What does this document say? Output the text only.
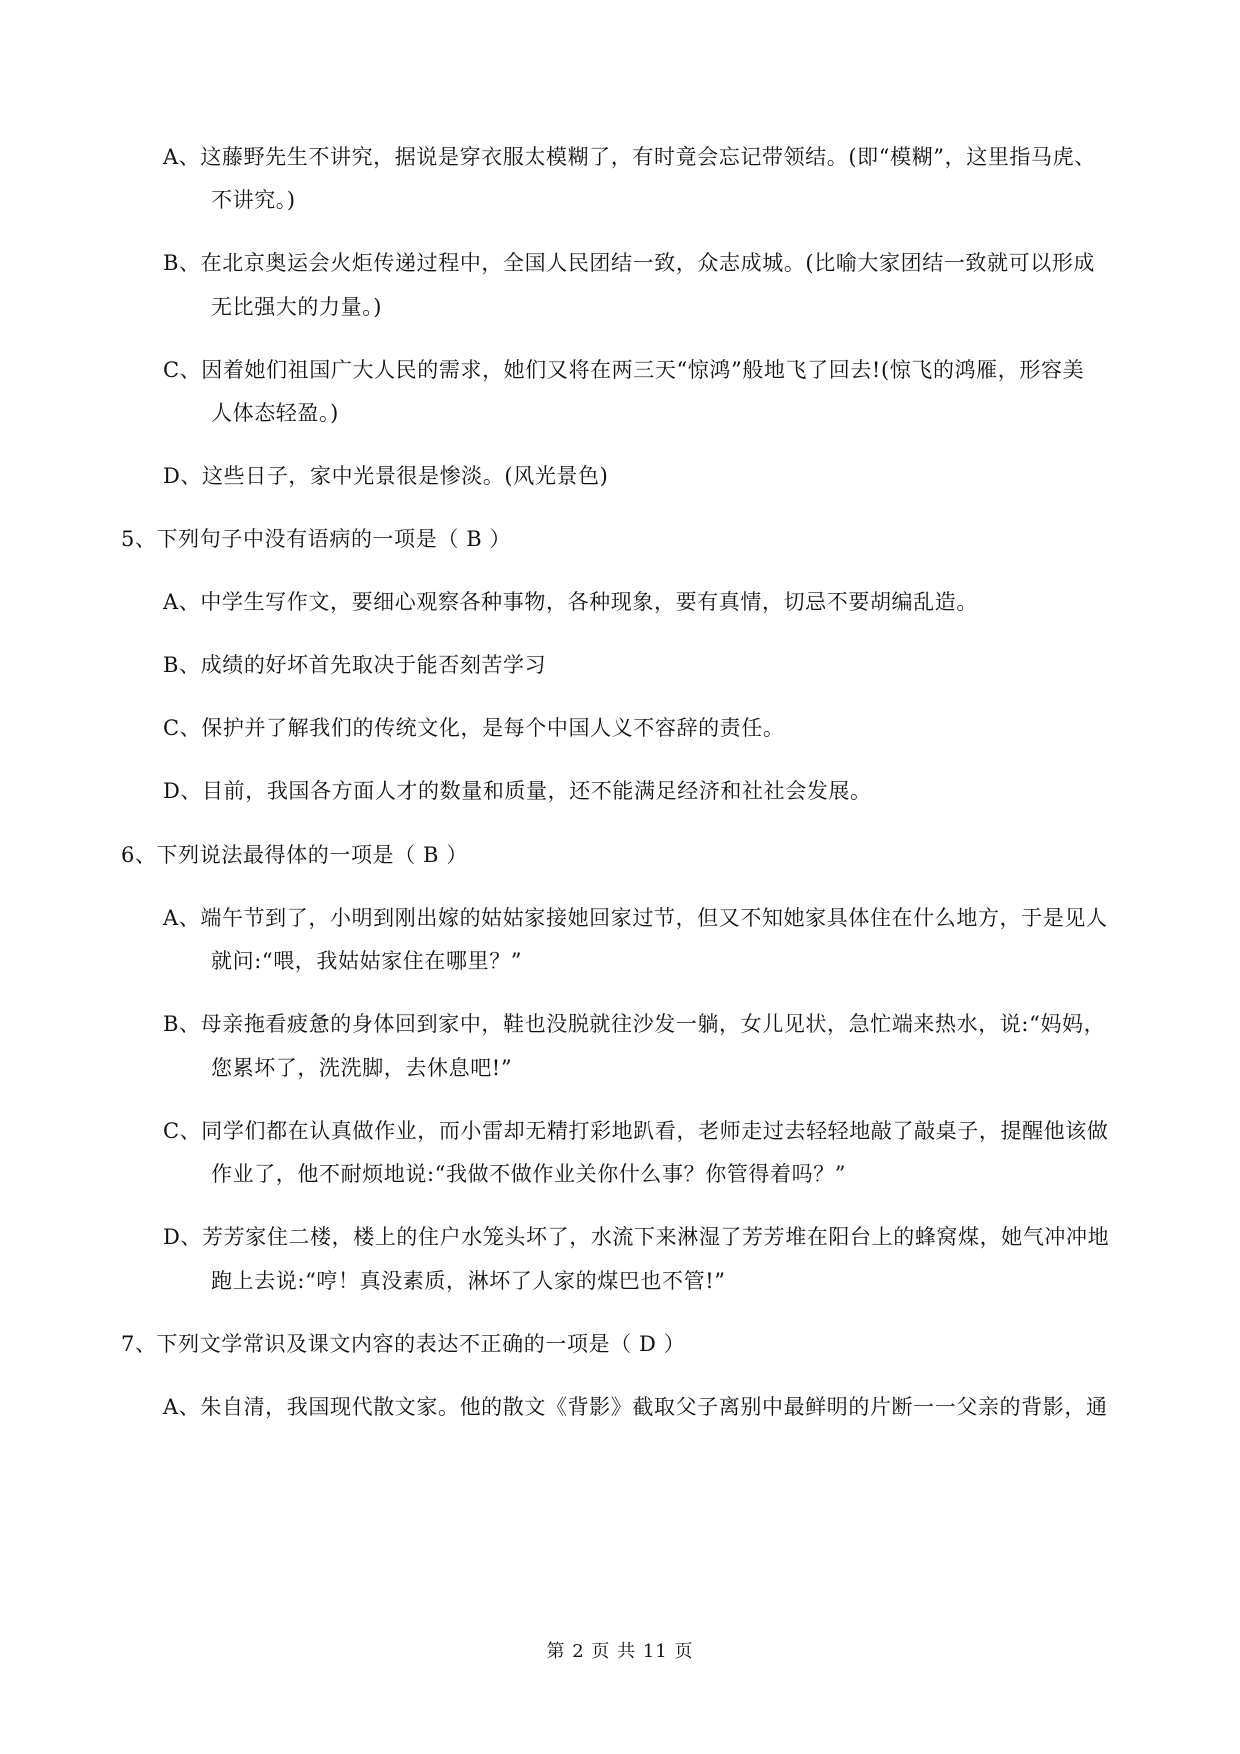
A、这藤野先生不讲究，据说是穿衣服太模糊了，有时竟会忘记带领结。(即“模糊”，这里指马虎、
不讲究。)
B、在北京奥运会火炬传递过程中，全国人民团结一致，众志成城。(比喻大家团结一致就可以形成
无比强大的力量。)
C、因着她们祖国广大人民的需求，她们又将在两三天“惊鸿”般地飞了回去!(惊飞的鸿雁，形容美
人体态轻盈。)
D、这些日子，家中光景很是惨淡。(风光景色)
5、下列句子中没有语病的一项是（ B ）
A、中学生写作文，要细心观察各种事物，各种现象，要有真情，切忌不要胡编乱造。
B、成绩的好坏首先取决于能否刻苦学习
C、保护并了解我们的传统文化，是每个中国人义不容辞的责任。
D、目前，我国各方面人才的数量和质量，还不能满足经济和社社会发展。
6、下列说法最得体的一项是（ B ）
A、端午节到了，小明到刚出嫁的姑姑家接她回家过节，但又不知她家具体住在什么地方，于是见人
就问:“喂，我姑姑家住在哪里？”
B、母亲拖看疲惫的身体回到家中，鞋也没脱就往沙发一躺，女儿见状，急忙端来热水，说:“妈妈，
您累坏了，洗洗脚，去休息吧!”
C、同学们都在认真做作业，而小雷却无精打彩地趴看，老师走过去轻轻地敲了敲桌子，提醒他该做
作业了，他不耐烦地说:“我做不做作业关你什么事？你管得着吗？”
D、芳芳家住二楼，楼上的住户水笼头坏了，水流下来淋湿了芳芳堆在阳台上的蜂窝煤，她气冲冲地
跑上去说:“哼！真没素质，淋坏了人家的煤巴也不管!”
7、下列文学常识及课文内容的表达不正确的一项是（ D ）
A、朱自清，我国现代散文家。他的散文《背影》截取父子离别中最鲜明的片断一一父亲的背影，通
第 2 页 共 11 页
